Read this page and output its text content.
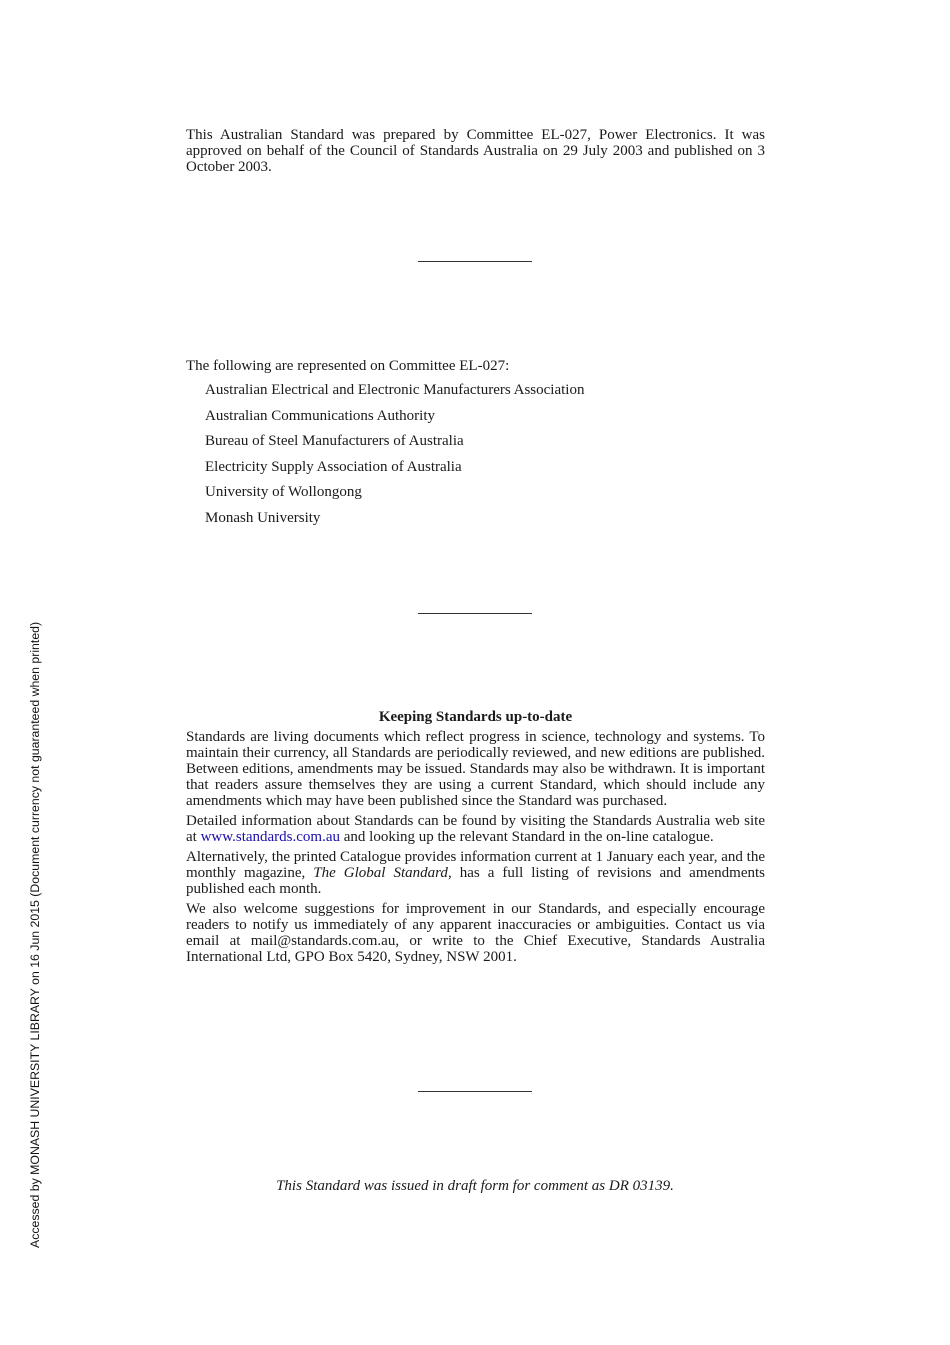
This Australian Standard was prepared by Committee EL-027, Power Electronics. It was approved on behalf of the Council of Standards Australia on 29 July 2003 and published on 3 October 2003.

The following are represented on Committee EL-027:
Australian Electrical and Electronic Manufacturers Association
Australian Communications Authority
Bureau of Steel Manufacturers of Australia
Electricity Supply Association of Australia
University of Wollongong
Monash University
Keeping Standards up-to-date

Standards are living documents which reflect progress in science, technology and systems. To maintain their currency, all Standards are periodically reviewed, and new editions are published. Between editions, amendments may be issued. Standards may also be withdrawn. It is important that readers assure themselves they are using a current Standard, which should include any amendments which may have been published since the Standard was purchased.

Detailed information about Standards can be found by visiting the Standards Australia web site at www.standards.com.au and looking up the relevant Standard in the on-line catalogue.

Alternatively, the printed Catalogue provides information current at 1 January each year, and the monthly magazine, The Global Standard, has a full listing of revisions and amendments published each month.

We also welcome suggestions for improvement in our Standards, and especially encourage readers to notify us immediately of any apparent inaccuracies or ambiguities. Contact us via email at mail@standards.com.au, or write to the Chief Executive, Standards Australia International Ltd, GPO Box 5420, Sydney, NSW 2001.

This Standard was issued in draft form for comment as DR 03139.
Accessed by MONASH UNIVERSITY LIBRARY on 16 Jun 2015 (Document currency not guaranteed when printed)
